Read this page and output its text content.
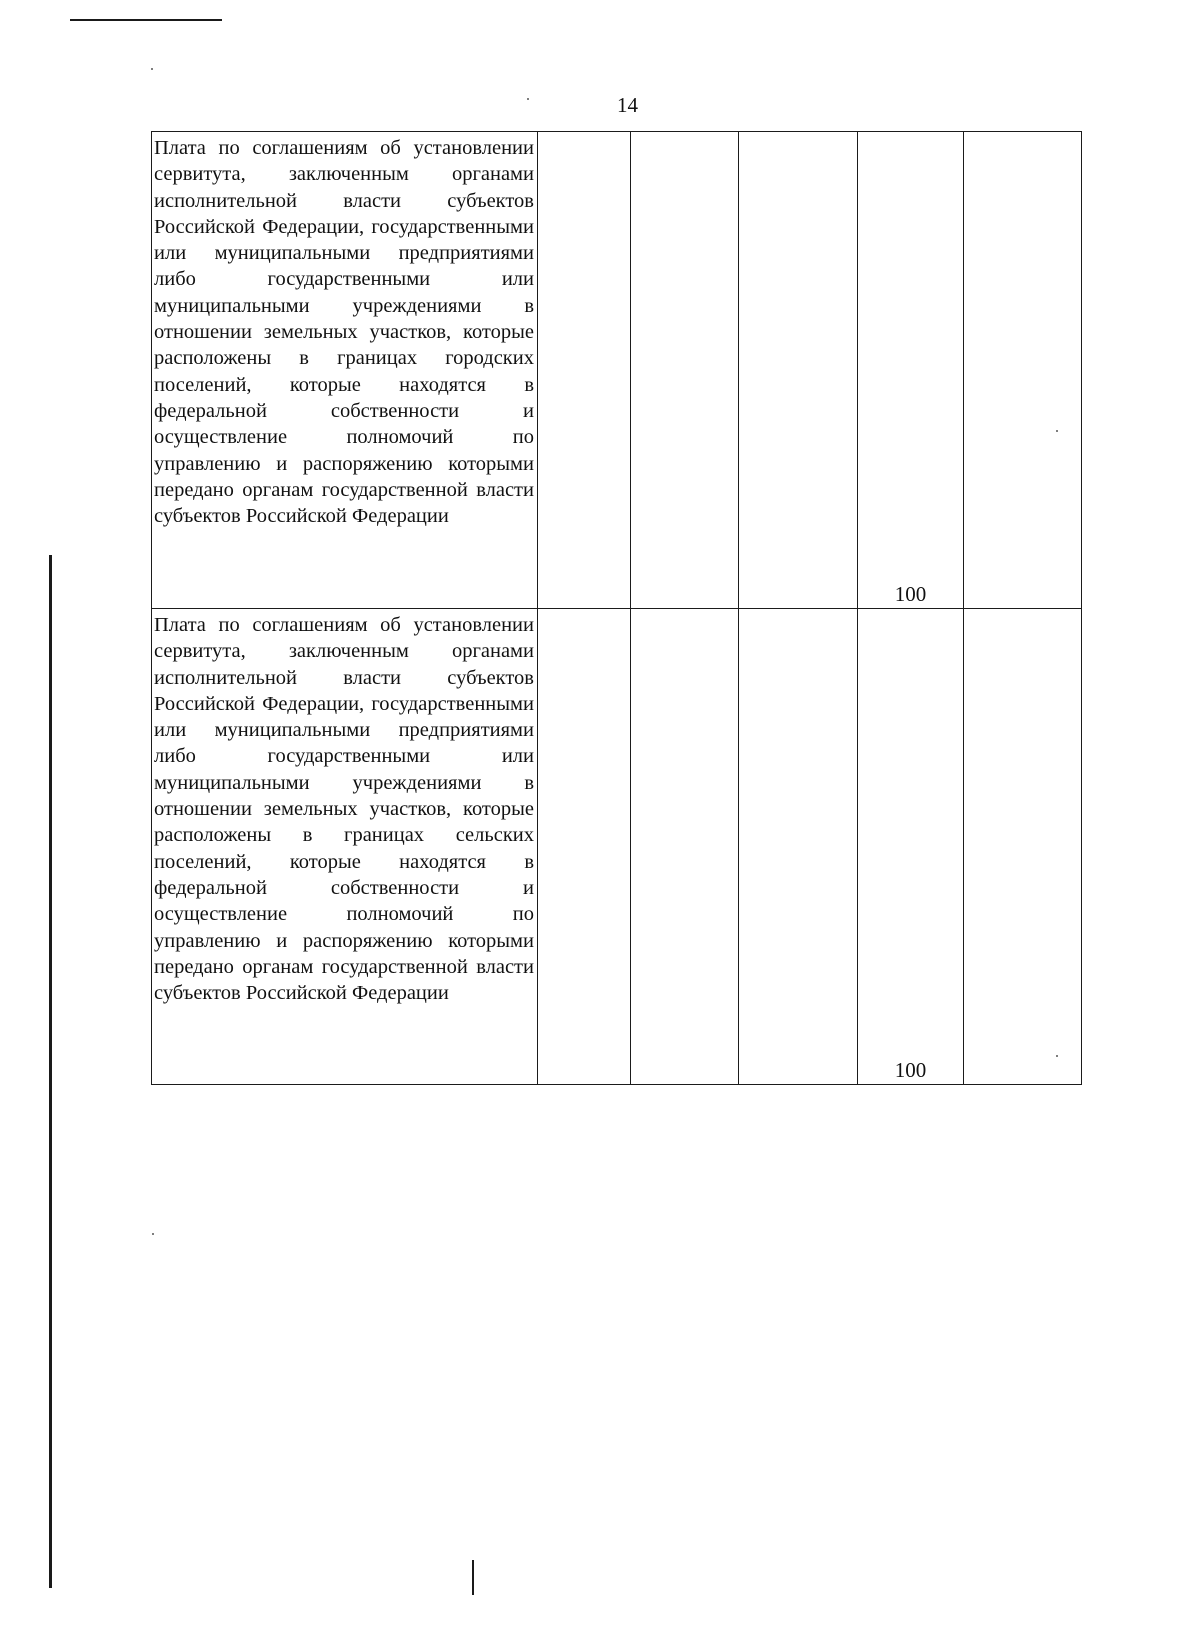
14
Плата по соглашениям об установлении сервитута, заключенным органами исполнительной власти субъектов Российской Федерации, государственными или муниципальными предприятиями либо государственными или муниципальными учреждениями в отношении земельных участков, которые расположены в границах городских поселений, которые находятся в федеральной собственности и осуществление полномочий по управлению и распоряжению которыми передано органам государственной власти
субъектов Российской Федерации				100	

Плата по соглашениям об установлении сервитута, заключенным органами исполнительной власти субъектов Российской Федерации, государственными или муниципальными предприятиями либо государственными или муниципальными учреждениями в отношении земельных участков, которые расположены в границах сельских поселений, которые находятся в федеральной собственности и осуществление полномочий по управлению и распоряжению которыми передано органам государственной власти
субъектов Российской Федерации				100	
